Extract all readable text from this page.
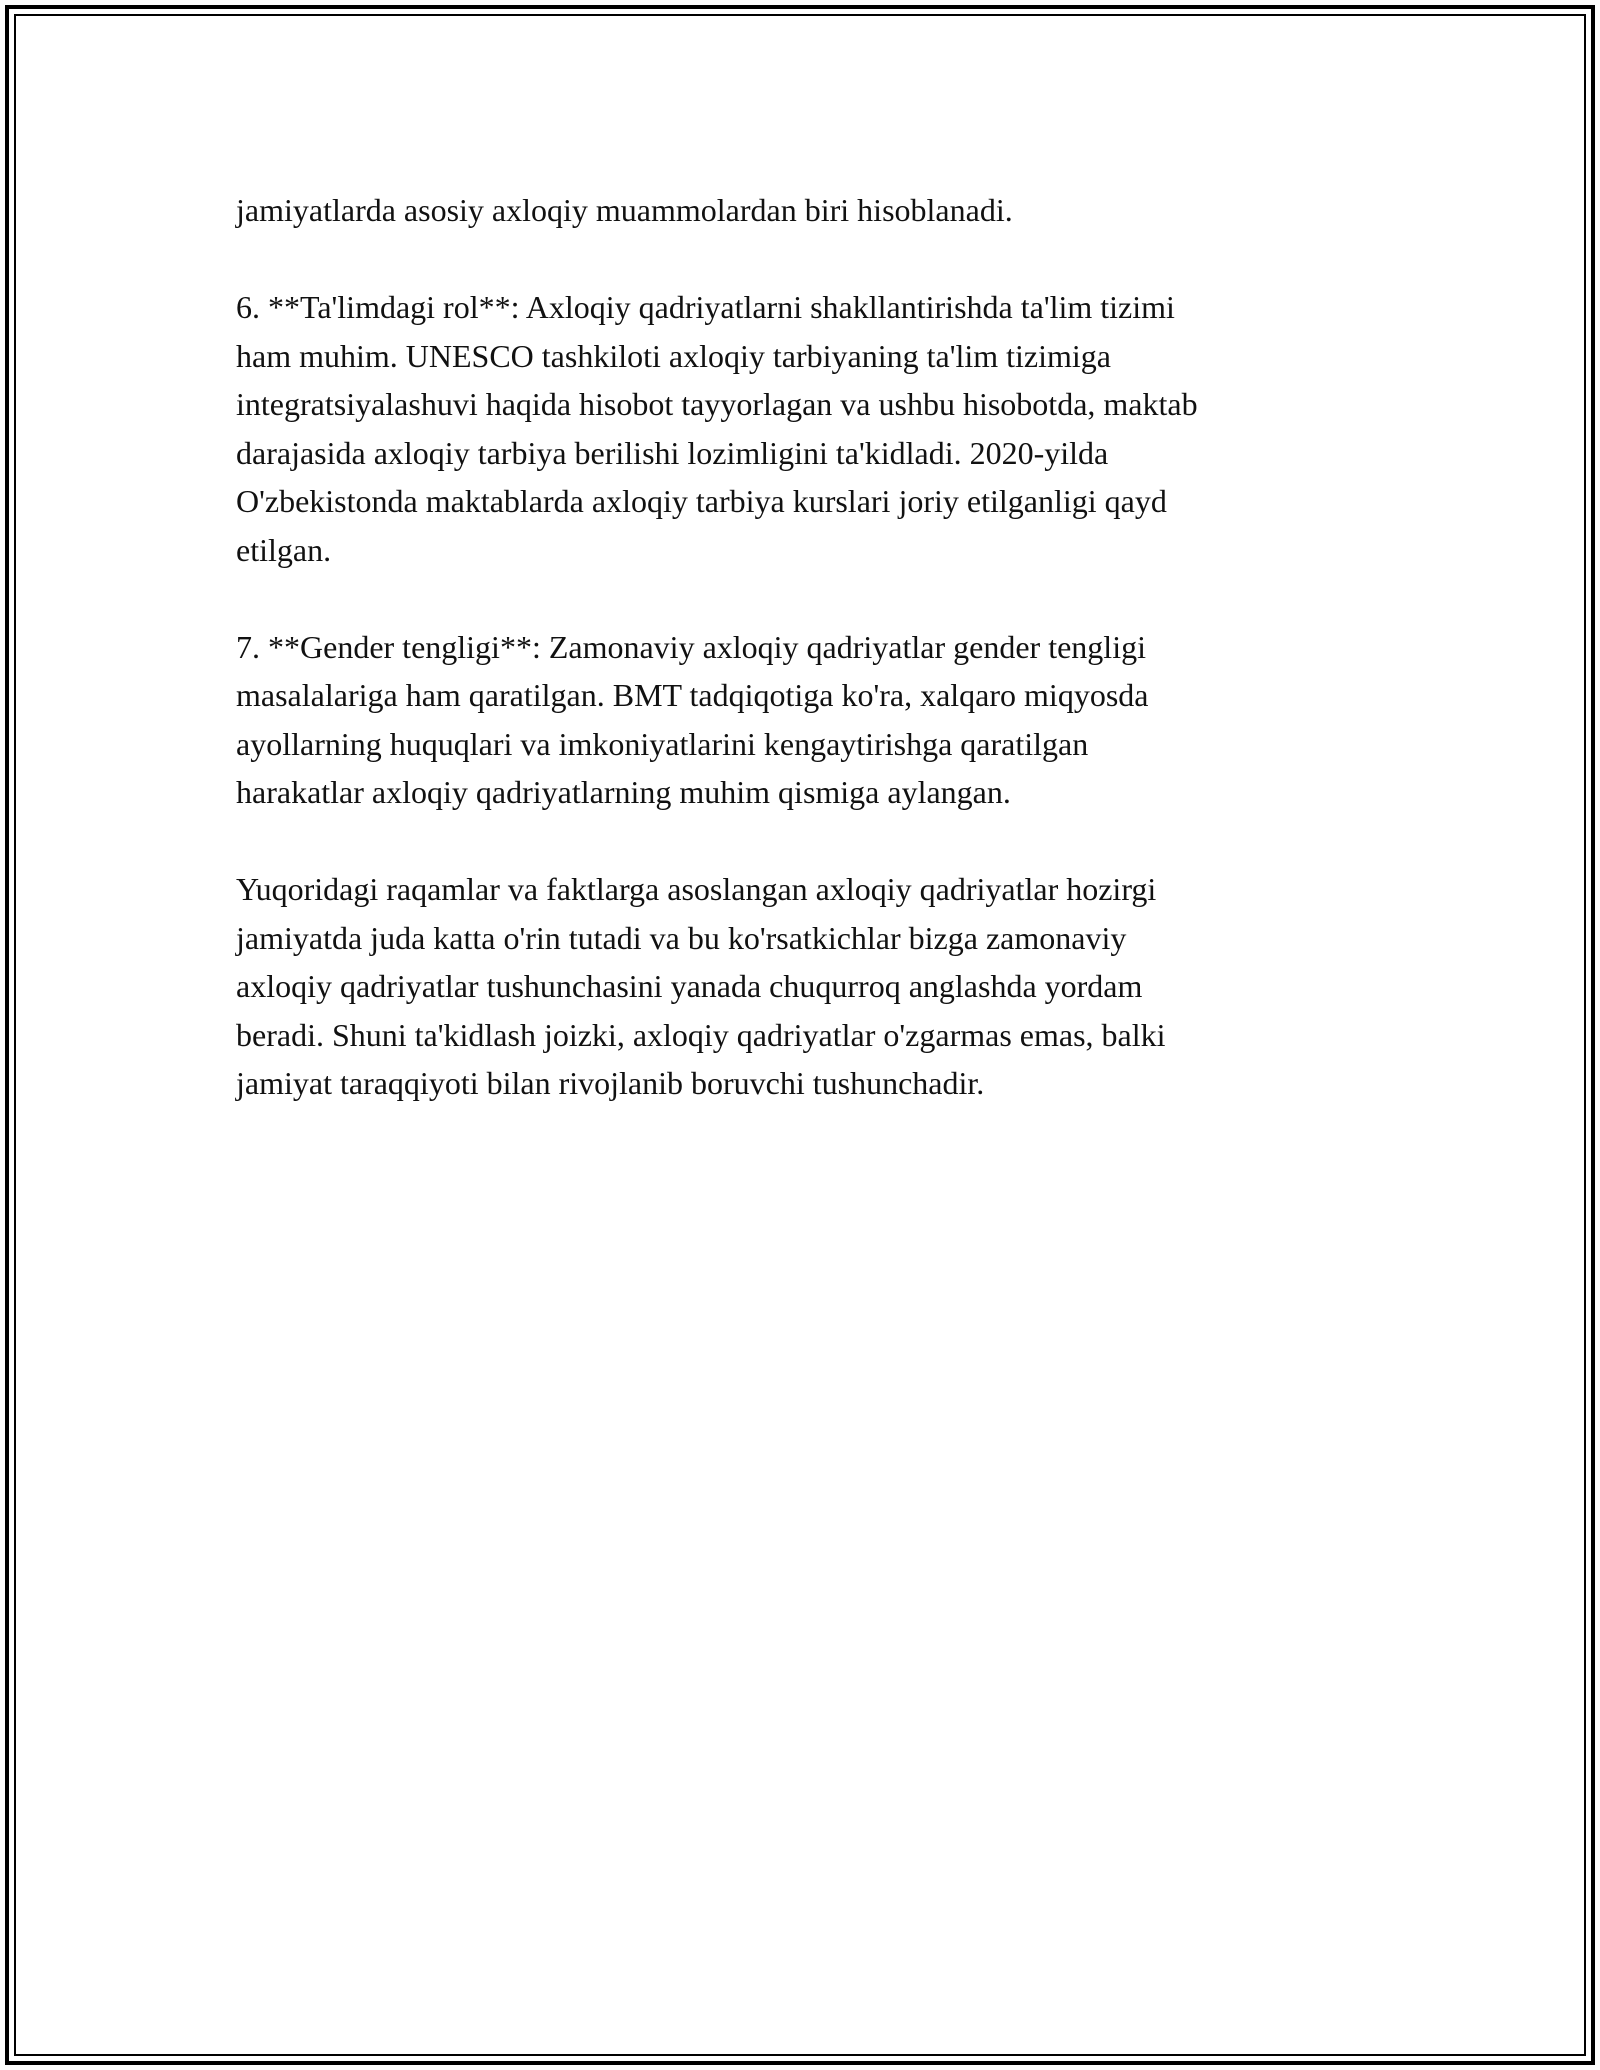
jamiyatlarda asosiy axloqiy muammolardan biri hisoblanadi.

6. **Ta'limdagi rol**: Axloqiy qadriyatlarni shakllantirishda ta'lim tizimi
ham muhim. UNESCO tashkiloti axloqiy tarbiyaning ta'lim tizimiga
integratsiyalashuvi haqida hisobot tayyorlagan va ushbu hisobotda, maktab
darajasida axloqiy tarbiya berilishi lozimligini ta'kidladi. 2020-yilda
O'zbekistonda maktablarda axloqiy tarbiya kurslari joriy etilganligi qayd
etilgan.

7. **Gender tengligi**: Zamonaviy axloqiy qadriyatlar gender tengligi
masalalariga ham qaratilgan. BMT tadqiqotiga ko'ra, xalqaro miqyosda
ayollarning huquqlari va imkoniyatlarini kengaytirishga qaratilgan
harakatlar axloqiy qadriyatlarning muhim qismiga aylangan.

Yuqoridagi raqamlar va faktlarga asoslangan axloqiy qadriyatlar hozirgi
jamiyatda juda katta o'rin tutadi va bu ko'rsatkichlar bizga zamonaviy
axloqiy qadriyatlar tushunchasini yanada chuqurroq anglashda yordam
beradi. Shuni ta'kidlash joizki, axloqiy qadriyatlar o'zgarmas emas, balki
jamiyat taraqqiyoti bilan rivojlanib boruvchi tushunchadir.
